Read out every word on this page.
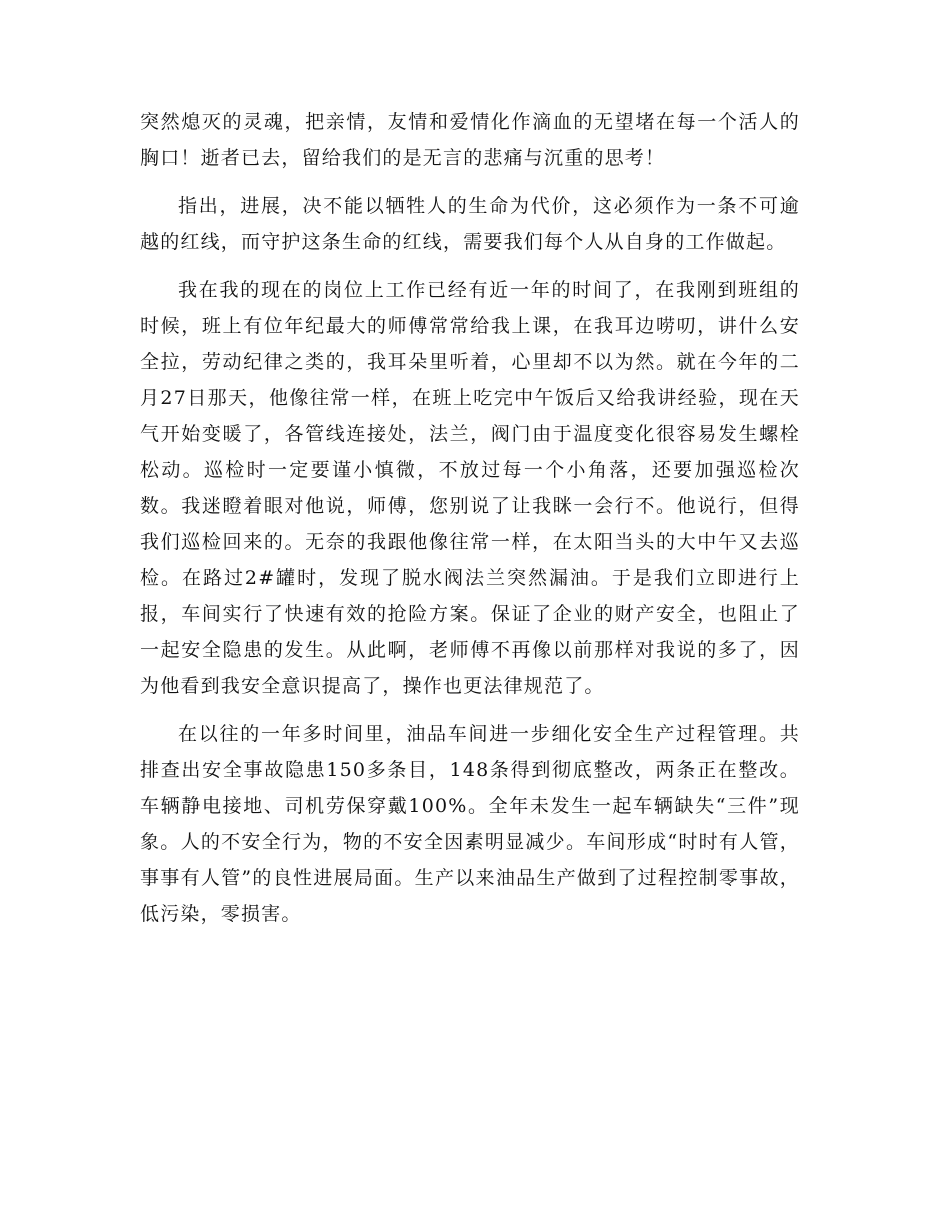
突然熄灭的灵魂，把亲情，友情和爱情化作滴血的无望堵在每一个活人的胸口！逝者已去，留给我们的是无言的悲痛与沉重的思考！

指出，进展，决不能以牺牲人的生命为代价，这必须作为一条不可逾越的红线，而守护这条生命的红线，需要我们每个人从自身的工作做起。

我在我的现在的岗位上工作已经有近一年的时间了，在我刚到班组的时候，班上有位年纪最大的师傅常常给我上课，在我耳边唠叨，讲什么安全拉，劳动纪律之类的，我耳朵里听着，心里却不以为然。就在今年的二月27日那天，他像往常一样，在班上吃完中午饭后又给我讲经验，现在天气开始变暖了，各管线连接处，法兰，阀门由于温度变化很容易发生螺栓松动。巡检时一定要谨小慎微，不放过每一个小角落，还要加强巡检次数。我迷瞪着眼对他说，师傅，您别说了让我眯一会行不。他说行，但得我们巡检回来的。无奈的我跟他像往常一样，在太阳当头的大中午又去巡检。在路过2#罐时，发现了脱水阀法兰突然漏油。于是我们立即进行上报，车间实行了快速有效的抢险方案。保证了企业的财产安全，也阻止了一起安全隐患的发生。从此啊，老师傅不再像以前那样对我说的多了，因为他看到我安全意识提高了，操作也更法律规范了。

在以往的一年多时间里，油品车间进一步细化安全生产过程管理。共排查出安全事故隐患150多条目，148条得到彻底整改，两条正在整改。车辆静电接地、司机劳保穿戴100%。全年未发生一起车辆缺失“三件”现象。人的不安全行为，物的不安全因素明显减少。车间形成“时时有人管，事事有人管”的良性进展局面。生产以来油品生产做到了过程控制零事故，低污染，零损害。
